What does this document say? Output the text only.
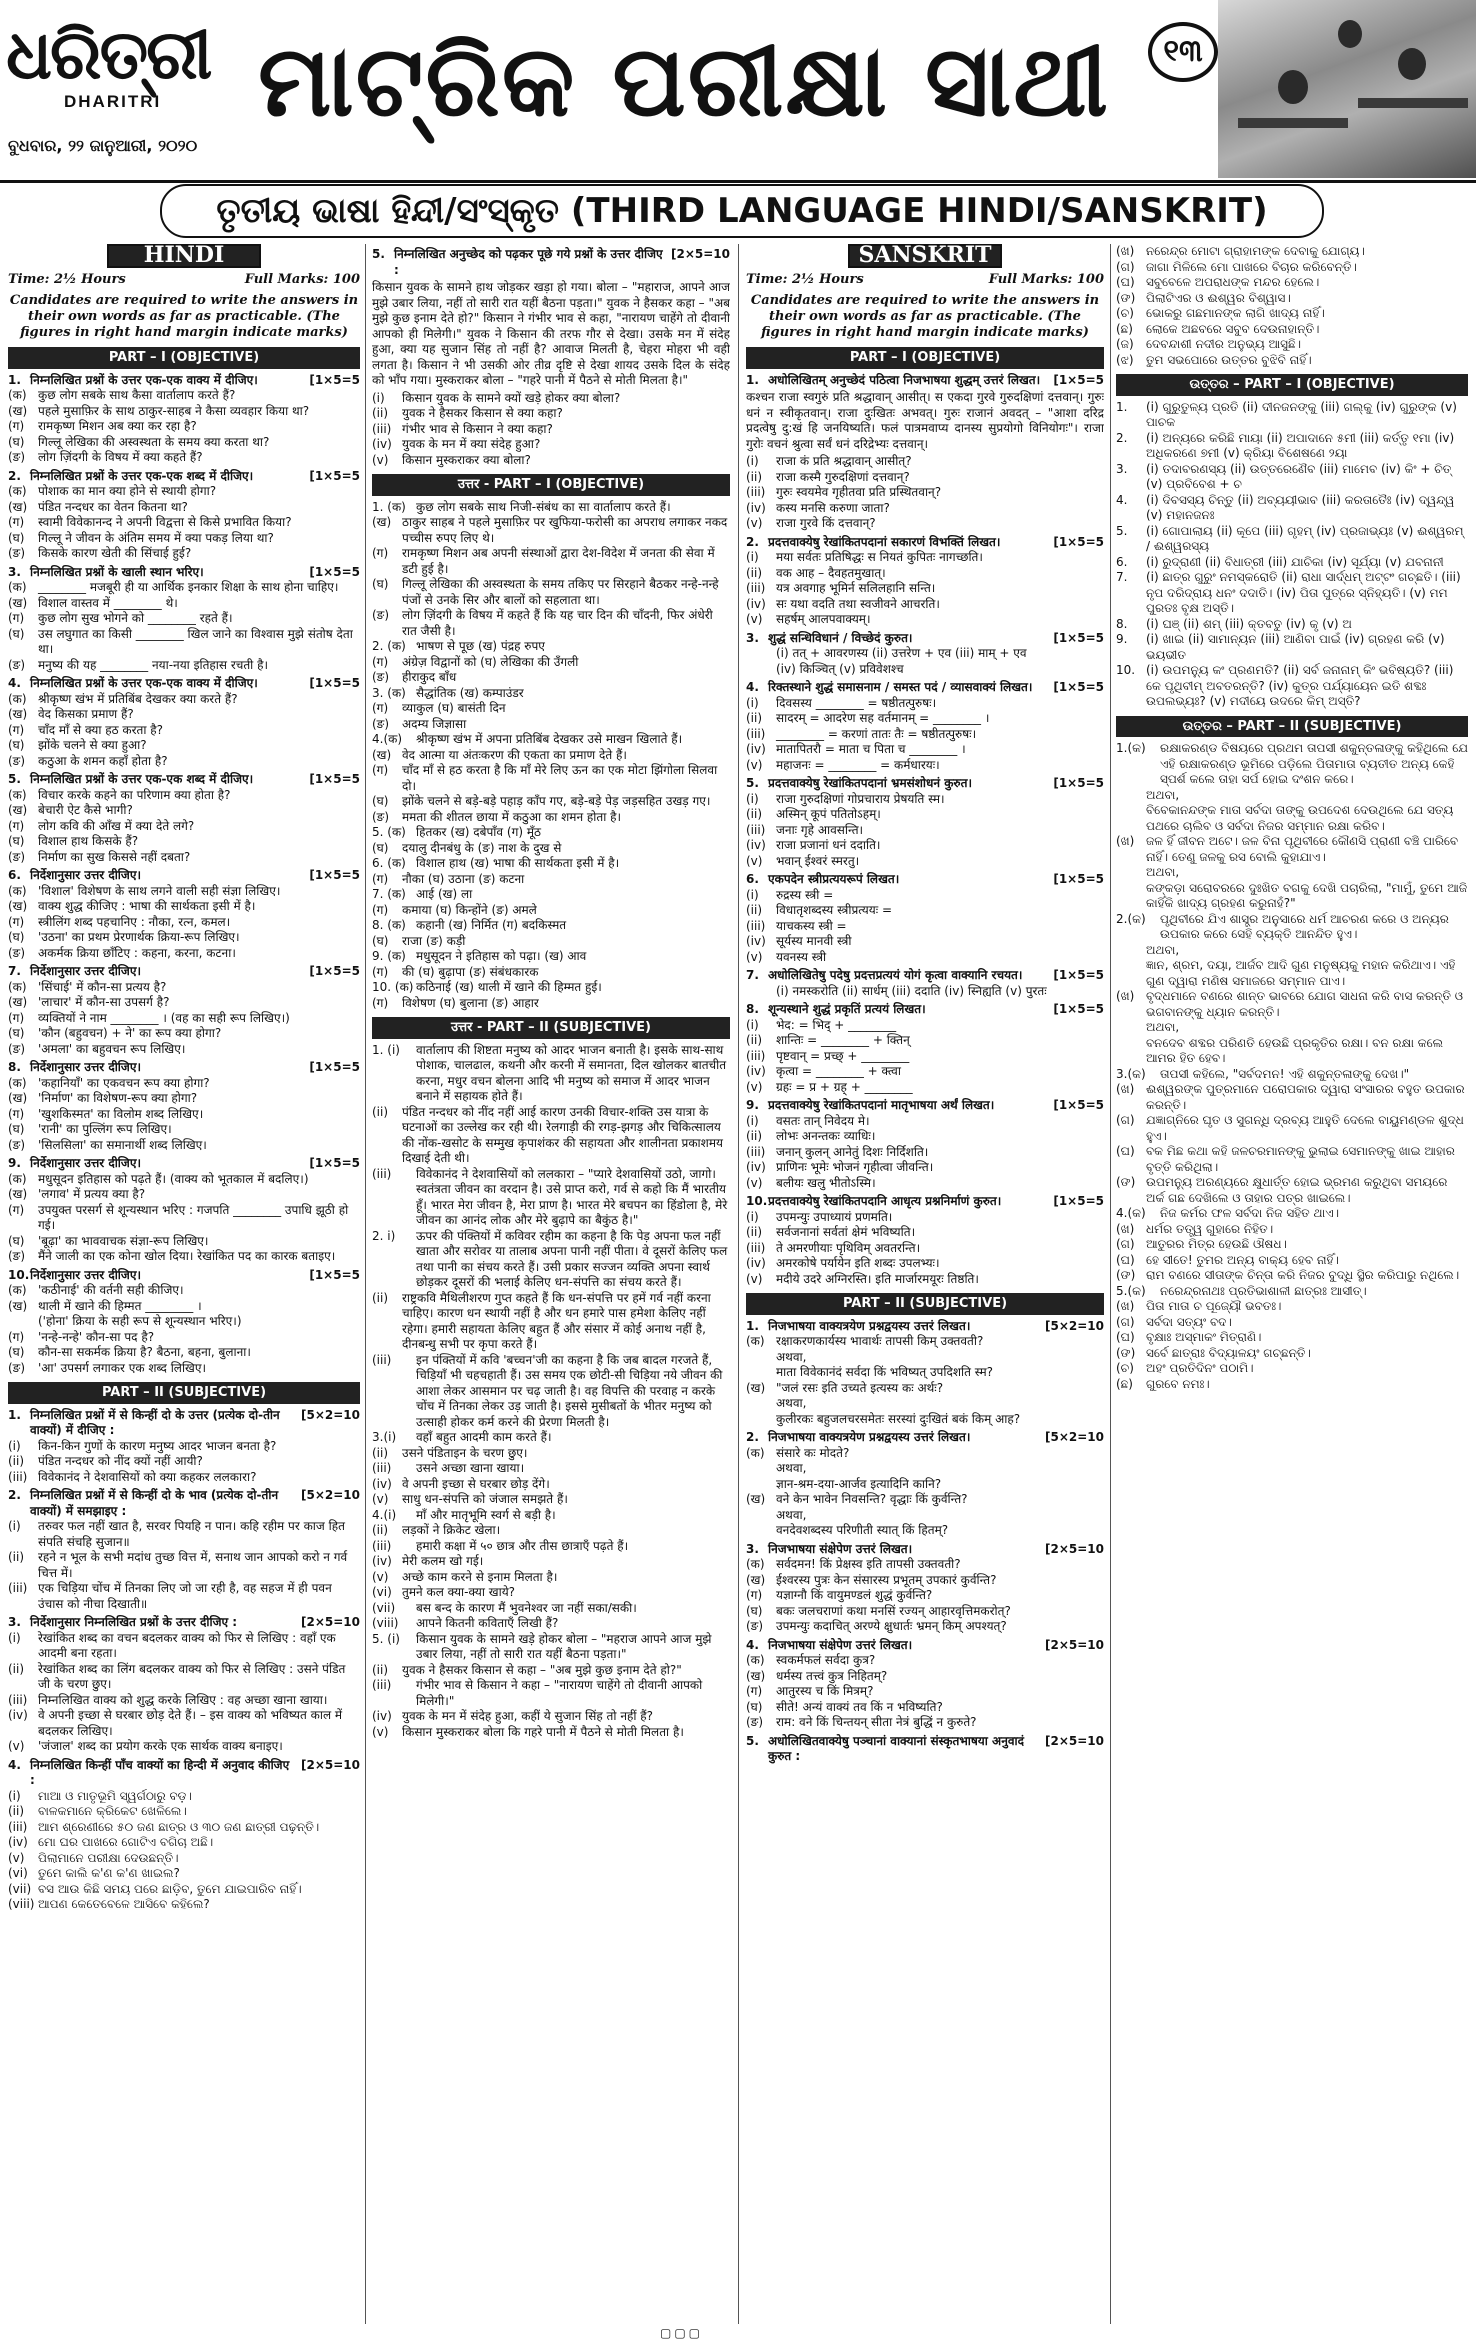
ଧରିତ୍ରୀ
DHARITRI
ବୁଧବାର, ୨୨ ଜାନୁଆରୀ, ୨୦୨୦
ମାଟ୍ରିକ ପରୀକ୍ଷା ସାଥୀ	୧୩
ତୃତୀୟ ଭାଷା ହିନ୍ଦୀ/ସଂସ୍କୃତ (THIRD LANGUAGE HINDI/SANSKRIT)
HINDI
Time: 2½ Hours	Full Marks: 100
Candidates are required to write the answers in their own words as far as practicable. (The figures in right hand margin indicate marks)
PART – I (OBJECTIVE)
1. निम्नलिखित प्रश्नों के उत्तर एक-एक वाक्य में दीजिए।	[1×5=5
(क) कुछ लोग सबके साथ कैसा वार्तालाप करते हैं?
(ख) पहले मुसाफ़िर के साथ ठाकुर-साहब ने कैसा व्यवहार किया था?
(ग)	रामकृष्ण मिशन अब क्या कर रहा है?
(घ)	गिल्लू लेखिका की अस्वस्थता के समय क्या करता था?
(ङ)	लोग ज़िंदगी के विषय में क्या कहते हैं?
2. निम्नलिखित प्रश्नों के उत्तर एक-एक शब्द में दीजिए।	[1×5=5
(क) पोशाक का मान क्या होने से स्थायी होगा?
(ख) पंडित नन्दधर का वेतन कितना था?
(ग)	स्वामी विवेकानन्द ने अपनी विद्वत्ता से किसे प्रभावित किया?
(घ)	गिल्लू ने जीवन के अंतिम समय में क्या पकड़ लिया था?
(ङ)	किसके कारण खेती की सिंचाई हुई?
3. निम्नलिखित प्रश्नों के खाली स्थान भरिए।	[1×5=5
(क) ________ मजबूरी ही या आर्थिक इनकार शिक्षा के साथ होना चाहिए।
(ख) विशाल वास्तव में ________ थे।
(ग)	कुछ लोग सुख भोगने को ________ रहते हैं।
(घ)	उस लघुगात का किसी ________ खिल जाने का विश्वास मुझे संतोष देता था।
(ङ)	मनुष्य की यह ________ नया-नया इतिहास रचती है।
4. निम्नलिखित प्रश्नों के उत्तर एक-एक वाक्य में दीजिए।	[1×5=5
(क) श्रीकृष्ण खंभ में प्रतिबिंब देखकर क्या करते हैं?
(ख) वेद किसका प्रमाण हैं?
(ग)	चाँद माँ से क्या हठ करता है?
(घ)	झोंके चलने से क्या हुआ?
(ङ)	कठुआ के शमन कहाँ होता है?
5. निम्नलिखित प्रश्नों के उत्तर एक-एक शब्द में दीजिए।	[1×5=5
(क) विचार करके कहने का परिणाम क्या होता है?
(ख) बेचारी ऐट कैसे भागी?
(ग)	लोग कवि की आँख में क्या देते लगे?
(घ)	विशाल हाथ किसके हैं?
(ङ)	निर्माण का सुख किससे नहीं दबता?
6. निर्देशानुसार उत्तर दीजिए।	[1×5=5
(क) 'विशाल' विशेषण के साथ लगने वाली सही संज्ञा लिखिए।
(ख) वाक्य शुद्ध कीजिए : भाषा की सार्थकता इसी में है।
(ग)	स्त्रीलिंग शब्द पहचानिए : नौका, रत्न, कमल।
(घ)	'उठना' का प्रथम प्रेरणार्थक क्रिया-रूप लिखिए।
(ङ)	अकर्मक क्रिया छाँटिए : कहना, करना, कटना।
7. निर्देशानुसार उत्तर दीजिए।	[1×5=5
(क) 'सिंचाई' में कौन-सा प्रत्यय है?
(ख) 'लाचार' में कौन-सा उपसर्ग है?
(ग)	व्यक्तियों ने नाम ________ । (वह का सही रूप लिखिए।)
(घ)	'कौन (बहुवचन) + ने' का रूप क्या होगा?
(ङ)	'अमला' का बहुवचन रूप लिखिए।
8. निर्देशानुसार उत्तर दीजिए।	[1×5=5
(क) 'कहानियाँ' का एकवचन रूप क्या होगा?
(ख) 'निर्माण' का विशेषण-रूप क्या होगा?
(ग)	'खुशकिस्मत' का विलोम शब्द लिखिए।
(घ)	'रानी' का पुल्लिंग रूप लिखिए।
(ङ)	'सिलसिला' का समानार्थी शब्द लिखिए।
9. निर्देशानुसार उत्तर दीजिए।	[1×5=5
(क) मधुसूदन इतिहास को पढ़ते हैं। (वाक्य को भूतकाल में बदलिए।)
(ख) 'लगाव' में प्रत्यय क्या है?
(ग)	उपयुक्त परसर्ग से शून्यस्थान भरिए : गजपति ________ उपाधि झूठी हो गई।
(घ)	'बूढ़ा' का भाववाचक संज्ञा-रूप लिखिए।
(ङ)	मैंने जाली का एक कोना खोल दिया। रेखांकित पद का कारक बताइए।
10. निर्देशानुसार उत्तर दीजिए।	[1×5=5
(क) 'कठीनाई' की वर्तनी सही कीजिए।
(ख) थाली में खाने की हिम्मत ________ ।
('होना' क्रिया के सही रूप से शून्यस्थान भरिए।)
(ग)	'नन्हे-नन्हे' कौन-सा पद है?
(घ)	कौन-सा सकर्मक क्रिया है? बैठना, बहना, बुलाना।
(ङ)	'आ' उपसर्ग लगाकर एक शब्द लिखिए।
PART – II (SUBJECTIVE)
1. निम्नलिखित प्रश्नों में से किन्हीं दो के उत्तर (प्रत्येक दो-तीन वाक्यों) में दीजिए :
[5×2=10
(i)	किन-किन गुणों के कारण मनुष्य आदर भाजन बनता है?
(ii)	पंडित नन्दधर को नींद क्यों नहीं आयी?
(iii) विवेकानंद ने देशवासियों को क्या कहकर ललकारा?
2. निम्नलिखित प्रश्नों में से किन्हीं दो के भाव (प्रत्येक दो-तीन वाक्यों) में समझाइए :
[5×2=10
(i)	तरुवर फल नहीं खात है, सरवर पियहि न पान। कहि रहीम पर काज हित संपति संचहि सुजान॥
(ii)	रहने न भूल के सभी मदांध तुच्छ वित्त में, सनाथ जान आपको करो न गर्व चित्त में।
(iii) एक चिड़िया चोंच में तिनका लिए जो जा रही है, वह सहज में ही पवन उंचास को नीचा दिखाती॥
3. निर्देशानुसार निम्नलिखित प्रश्नों के उत्तर दीजिए :	[2×5=10
(i)	रेखांकित शब्द का वचन बदलकर वाक्य को फिर से लिखिए : वहाँ एक आदमी बना रहता।
(ii)	रेखांकित शब्द का लिंग बदलकर वाक्य को फिर से लिखिए : उसने पंडित जी के चरण छुए।
(iii) निम्नलिखित वाक्य को शुद्ध करके लिखिए : वह अच्छा खाना खाया।
(iv) वे अपनी इच्छा से घरबार छोड़ देते हैं। – इस वाक्य को भविष्यत काल में बदलकर लिखिए।
(v)	'जंजाल' शब्द का प्रयोग करके एक सार्थक वाक्य बनाइए।
4. निम्नलिखित किन्हीं पाँच वाक्यों का हिन्दी में अनुवाद कीजिए :
[2×5=10
(i)	ମାଆ ଓ ମାତୃଭୂମି ସ୍ୱର୍ଗଠାରୁ ବଡ଼।
(ii)	ବାଳକମାନେ କ୍ରିକେଟ ଖେଳିଲେ।
(iii) ଆମ ଶ୍ରେଣୀରେ ୫୦ ଜଣ ଛାତ୍ର ଓ ୩୦ ଜଣ ଛାତ୍ରୀ ପଢ଼ନ୍ତି।
(iv) ମୋ ଘର ପାଖରେ ଗୋଟିଏ ବଗିଚା ଅଛି।
(v)	ପିଲାମାନେ ପରୀକ୍ଷା ଦେଉଛନ୍ତି।
(vi) ତୁମେ କାଲି କ'ଣ କ'ଣ ଖାଇଲ?
(vii) ବସ ଆଉ କିଛି ସମୟ ପରେ ଛାଡ଼ିବ, ତୁମେ ଯାଇପାରିବ ନାହିଁ।
(viii) ଆପଣ କେତେବେଳେ ଆସିବେ କହିଲେ?
5. निम्नलिखित अनुच्छेद को पढ़कर पूछे गये प्रश्नों के उत्तर दीजिए :
[2×5=10
किसान युवक के सामने हाथ जोड़कर खड़ा हो गया। बोला – "महाराज, आपने आज मुझे उबार लिया, नहीं तो सारी रात यहीं बैठना पड़ता।" युवक ने हैसकर कहा – "अब मुझे कुछ इनाम देते हो?" किसान ने गंभीर भाव से कहा, "नारायण चाहेंगे तो दीवानी आपको ही मिलेगी।" युवक ने किसान की तरफ गौर से देखा। उसके मन में संदेह हुआ, क्या यह सुजान सिंह तो नहीं है? आवाज मिलती है, चेहरा मोहरा भी वही लगता है। किसान ने भी उसकी ओर तीव्र दृष्टि से देखा शायद उसके दिल के संदेह को भाँप गया। मुस्कराकर बोला – "गहरे पानी में पैठने से मोती मिलता है।"
(i)	किसान युवक के सामने क्यों खड़े होकर क्या बोला?
(ii)	युवक ने हैसकर किसान से क्या कहा?
(iii) गंभीर भाव से किसान ने क्या कहा?
(iv) युवक के मन में क्या संदेह हुआ?
(v)	किसान मुस्कराकर क्या बोला?
उत्तर - PART – I (OBJECTIVE)
1. (क) कुछ लोग सबके साथ निजी-संबंध का सा वार्तालाप करते हैं।
(ख) ठाकुर साहब ने पहले मुसाफ़िर पर खुफिया-फरोसी का अपराध लगाकर नकद पच्चीस रुपए लिए थे।
(ग)	रामकृष्ण मिशन अब अपनी संस्थाओं द्वारा देश-विदेश में जनता की सेवा में डटी हुई है।
(घ)	गिल्लू लेखिका की अस्वस्थता के समय तकिए पर सिरहाने बैठकर नन्हे-नन्हे पंजों से उनके सिर और बालों को सहलाता था।
(ङ)	लोग ज़िंदगी के विषय में कहते हैं कि यह चार दिन की चाँदनी, फिर अंधेरी रात जैसी है।
2. (क) भाषण से पूछ (ख) पंद्रह रुपए
(ग)	अंग्रेज़ विद्वानों को (घ) लेखिका की उँगली
(ङ)	हीराकुद बाँध
3. (क) सैद्धांतिक (ख) कम्पाउंडर
(ग)	व्याकुल (घ) बासंती दिन
(ङ)	अदम्य जिज्ञासा
4.(क)	श्रीकृष्ण खंभ में अपना प्रतिबिंब देखकर उसे माखन खिलाते हैं।
(ख) वेद आत्मा या अंतःकरण की एकता का प्रमाण देते हैं।
(ग)	चाँद माँ से हठ करता है कि माँ मेरे लिए ऊन का एक मोटा झिंगोला सिलवा दो।
(घ)	झोंके चलने से बड़े-बड़े पहाड़ काँप गए, बड़े-बड़े पेड़ जड़सहित उखड़ गए।
(ङ)	ममता की शीतल छाया में कठुआ का शमन होता है।
5. (क) हितकर (ख) दबेपाँव (ग) मूँठ
(घ)	दयालु दीनबंधु के (ङ) नाश के दुख से
6. (क) विशाल हाथ (ख) भाषा की सार्थकता इसी में है।
(ग)	नौका (घ) उठाना (ङ) कटना
7. (क) आई (ख) ला
(ग)	कमाया (घ) किन्होंने (ङ) अमले
8. (क) कहानी (ख) निर्मित (ग) बदकिस्मत
(घ)	राजा (ङ) कड़ी
9. (क) मधुसूदन ने इतिहास को पढ़ा। (ख) आव
(ग)	की (घ) बुढ़ापा (ङ) संबंधकारक
10. (क) कठिनाई (ख) थाली में खाने की हिम्मत हुई।
(ग)	विशेषण (घ) बुलाना (ङ) आहार
उत्तर - PART – II (SUBJECTIVE)
1. (i)	वार्तालाप की शिष्टता मनुष्य को आदर भाजन बनाती है। इसके साथ-साथ पोशाक, चालढाल, कथनी और करनी में समानता, दिल खोलकर बातचीत करना, मधुर वचन बोलना आदि भी मनुष्य को समाज में आदर भाजन बनाने में सहायक होते हैं।
(ii)	पंडित नन्दधर को नींद नहीं आई कारण उनकी विचार-शक्ति उस यात्रा के घटनाओं का उल्लेख कर रही थी। रेलगाड़ी की रगड़-झगड़ और चिकित्सालय की नोंक-खसोट के सम्मुख कृपाशंकर की सहायता और शालीनता प्रकाशमय दिखाई देती थी।
(iii)	विवेकानंद ने देशवासियों को ललकारा – "प्यारे देशवासियों उठो, जागो। स्वतंत्रता जीवन का वरदान है। उसे प्राप्त करो, गर्व से कहो कि मैं भारतीय हूँ। भारत मेरा जीवन है, मेरा प्राण है। भारत मेरे बचपन का हिंडोला है, मेरे जीवन का आनंद लोक और मेरे बुढ़ापे का बैकुंठ है।"
2. i)	ऊपर की पंक्तियों में कविवर रहीम का कहना है कि पेड़ अपना फल नहीं खाता और सरोवर या तालाब अपना पानी नहीं पीता। वे दूसरों केलिए फल तथा पानी का संचय करते हैं। उसी प्रकार सज्जन व्यक्ति अपना स्वार्थ छोड़कर दूसरों की भलाई केलिए धन-संपत्ति का संचय करते हैं।
(ii)	राष्ट्रकवि मैथिलीशरण गुप्त कहते हैं कि धन-संपत्ति पर हमें गर्व नहीं करना चाहिए। कारण धन स्थायी नहीं है और धन हमारे पास हमेशा केलिए नहीं रहेगा। हमारी सहायता केलिए बहुत हैं और संसार में कोई अनाथ नहीं है, दीनबन्धु सभी पर कृपा करते हैं।
(iii)	इन पंक्तियों में कवि 'बच्चन'जी का कहना है कि जब बादल गरजते हैं, चिड़ियाँ भी चहचहाती हैं। उस समय एक छोटी-सी चिड़िया नये जीवन की आशा लेकर आसमान पर चढ़ जाती है। वह विपत्ति की परवाह न करके चोंच में तिनका लेकर उड़ जाती है। इससे मुसीबतों के भीतर मनुष्य को उत्साही होकर कर्म करने की प्रेरणा मिलती है।
3.(i)	वहाँ बहुत आदमी काम करते हैं।
(ii)	उसने पंडिताइन के चरण छुए।
(iii)	उसने अच्छा खाना खाया।
(iv) वे अपनी इच्छा से घरबार छोड़ देंगे।
(v)	साधु धन-संपत्ति को जंजाल समझते हैं।
4.(i)	माँ और मातृभूमि स्वर्ग से बड़ी है।
(ii)	लड़कों ने क्रिकेट खेला।
(iii)	हमारी कक्षा में ५० छात्र और तीस छात्राएँ पढ़ते हैं।
(iv) मेरी कलम खो गई।
(v)	अच्छे काम करने से इनाम मिलता है।
(vi) तुमने कल क्या-क्या खाये?
(vii)	बस बन्द के कारण मैं भुवनेश्वर जा नहीं सका/सकी।
(viii)	आपने कितनी कविताएँ लिखी हैं?
5. (i)	किसान युवक के सामने खड़े होकर बोला – "महराज आपने आज मुझे उबार लिया, नहीं तो सारी रात यहीं बैठना पड़ता।"
(ii)	युवक ने हैसकर किसान से कहा – "अब मुझे कुछ इनाम देते हो?"
(iii)	गंभीर भाव से किसान ने कहा – "नारायण चाहेंगे तो दीवानी आपको मिलेगी।"
(iv) युवक के मन में संदेह हुआ, कहीं ये सुजान सिंह तो नहीं हैं?
(v)	किसान मुस्कराकर बोला कि गहरे पानी में पैठने से मोती मिलता है।
SANSKRIT
Time: 2½ Hours	Full Marks: 100
Candidates are required to write the answers in their own words as far as practicable. (The figures in right hand margin indicate marks)
PART – I (OBJECTIVE)
1. अधोलिखितम् अनुच्छेदं पठित्वा निजभाषया शुद्धम् उत्तरं लिखत।	[1×5=5
कश्चन राजा स्वगुरुं प्रति श्रद्धावान् आसीत्। स एकदा गुरवे गुरुदक्षिणां दत्तवान्। गुरुः धनं न स्वीकृतवान्। राजा दुःखितः अभवत्। गुरुः राजानं अवदत् – "आशा दरिद्र प्रदत्वेषु दु:खं हि जनयिष्यति। फलं पात्रमवाप्य दानस्य सुप्रयोगो विनियोगः"। राजा गुरोः वचनं श्रुत्वा सर्वं धनं दरिद्रेभ्यः दत्तवान्।
(i)	राजा कं प्रति श्रद्धावान् आसीत्?
(ii)	राजा कस्मै गुरुदक्षिणां दत्तवान्?
(iii) गुरुः स्वयमेव गृहीतवा प्रति प्रस्थितवान्?
(iv) कस्य मनसि करुणा जाता?
(v)	राजा गुरवे किं दत्तवान्?
2. प्रदत्तवाक्येषु रेखांकितपदानां सकारणं विभक्तिं लिखत।	[1×5=5
(i)	मया सर्वतः प्रतिषिद्धः स नियतं कुपितः नागच्छति।
(ii)	वक आह – दैवहतमुखात्।
(iii) यत्र अवगाह भूमिर्न सलिलहानि सन्ति।
(iv) सः यथा वदति तथा स्वजीवने आचरति।
(v)	सहर्षम् आलपवाक्यम्।
3. शुद्धं सन्धिविधानं / विच्छेदं कुरुत।	[1×5=5
(i) तत् + आवरणस्य (ii) उत्तरेण + एव (iii) माम् + एव
(iv) किञ्चित् (v) प्रविवेशश्च
4. रिक्तस्थाने शुद्धं समासनाम / समस्त पदं / व्यासवाक्यं लिखत।	[1×5=5
(i)	दिवसस्य ________ = षष्ठीतत्पुरुषः।
(ii)	सादरम् = आदरेण सह वर्तमानम् = ________ ।
(iii) ________ = करणां तातः तैः = षष्ठीतत्पुरुषः।
(iv) मातापितरौ = माता च पिता च ________ ।
(v)	महाजनः = ________ = कर्मधारयः।
5. प्रदत्तवाक्येषु रेखांकितपदानां भ्रमसंशोधनं कुरुत।	[1×5=5
(i)	राजा गुरुदक्षिणां गोप्रचाराय प्रेषयति स्म।
(ii)	अस्मिन् कूपं पतितोऽहम्।
(iii) जनाः गृहे आवसन्ति।
(iv) राजा प्रजानां धनं ददाति।
(v)	भवान् ईश्वरं स्मरतु।
6. एकपदेन स्त्रीप्रत्ययरूपं लिखत।	[1×5=5
(i)	रुद्रस्य स्त्री =
(ii)	विधातृशब्दस्य स्त्रीप्रत्ययः =
(iii) याचकस्य स्त्री =
(iv) सूर्यस्य मानवी स्त्री
(v)	यवनस्य स्त्री
7. अधोलिखितेषु पदेषु प्रदत्तप्रत्ययं योगं कृत्वा वाक्यानि रचयत।	[1×5=5
(i) नमस्करोति (ii) सार्धम् (iii) ददाति (iv) स्निह्यति (v) पुरतः
8. शून्यस्थाने शुद्धं प्रकृतिं प्रत्ययं लिखत।	[1×5=5
(i)	भेद: = भिद् + ________
(ii)	शान्तिः = ________ + क्तिन्
(iii) पृष्टवान् = प्रच्छ् + ________
(iv) कृत्वा = ________ + क्त्वा
(v)	ग्रहः = प्र + ग्रह् + ________
9. प्रदत्तवाक्येषु रेखांकितपदानां मातृभाषया अर्थं लिखत।	[1×5=5
(i)	वसतः तान् निवेदय मे।
(ii)	लोभः अनन्तकः व्याधिः।
(iii) जनान् कुलन् आनेतुं दिशः निर्दिशति।
(iv) प्राणिनः भूमेः भोजनं गृहीत्वा जीवन्ति।
(v)	बलीयः खलु भीतोऽस्मि।
10. प्रदत्तवाक्येषु रेखांकितपदानि आधृत्य प्रश्ननिर्माणं कुरुत।	[1×5=5
(i)	उपमन्युः उपाध्यायं प्रणमति।
(ii)	सर्वजनानां सर्वतां क्षेमं भविष्यति।
(iii) ते अमरणीयाः पृथिविम् अवतरन्ति।
(iv) अमरकोषे पर्यायेन इति शब्दः उपलभ्यः।
(v)	मदीये उदरे अग्निरस्ति। इति मार्जारमयूरः तिष्ठति।
PART – II (SUBJECTIVE)
1. निजभाषया वाक्यत्रयेण प्रश्नद्वयस्य उत्तरं लिखत।	[5×2=10
(क) रक्षाकरणकार्यस्य भावार्थः तापसी किम् उक्तवती?
अथवा,
माता विवेकानंदं सर्वदा किं भविष्यत् उपदिशति स्म?
(ख) "जलं रसः इति उच्यते इत्यस्य कः अर्थः?
अथवा,
कुलीरकः बहुजलचरसमेतः सरस्यां दुःखितं बकं किम् आह?
2. निजभाषया वाक्यत्रयेण प्रश्नद्वयस्य उत्तरं लिखत।	[5×2=10
(क) संसारे कः मोदते?
अथवा,
ज्ञान-श्रम-दया-आर्जव इत्यादिनि कानि?
(ख) वने केन भावेन निवसन्ति? वृद्धाः किं कुर्वन्ति?
अथवा,
वनदेवशब्दस्य परिणीती स्यात् किं हितम्?
3. निजभाषया संक्षेपेण उत्तरं लिखत।	[2×5=10
(क) सर्वदमन! किं प्रेक्षस्व इति तापसी उक्तवती?
(ख) ईश्वरस्य पुत्रः केन संसारस्य प्रभूतम् उपकारं कुर्वन्ति?
(ग)	यज्ञाग्नौ किं वायुमण्डलं शुद्धं कुर्वन्ति?
(घ)	बकः जलचराणां कथा मनसिं रज्यन् आहारवृत्तिमकरोत्?
(ङ)	उपमन्युः कदाचित् अरण्ये क्षुधार्तः भ्रमन् किम् अपश्यत्?
4. निजभाषया संक्षेपेण उत्तरं लिखत।	[2×5=10
(क) स्वकर्मफलं सर्वदा कुत्र?
(ख) धर्मस्य तत्त्वं कुत्र निहितम्?
(ग)	आतुरस्य च किं मित्रम्?
(घ)	सीते! अन्यं वाक्यं तव किं न भविष्यति?
(ङ)	राम: वने किं चिन्तयन् सीता नेत्रं बुद्धिं न कुरुते?
5. अधोलिखितवाक्येषु पञ्चानां वाक्यानां संस्कृतभाषया अनुवादं कुरुत :
[2×5=10
(ଖ) ନରେନ୍ଦ୍ର ମୋଟା ଗ୍ରାହାମଙ୍କ ଦେବାକୁ ଯୋଗ୍ୟ।
(ଗ) ଜାଗା ମିଳିଲେ ମୋ ପାଖରେ ବିଚାର କରିବେନ୍ତି।
(ଘ) ସବୁବେଳେ ଅପରାଧଙ୍କ ମନ୍ଦର ହେଲେ।
(ଙ) ପିଲାଟିଏର ଓ ଈଶ୍ୱର ବିଶ୍ୱାସ।
(ଚ)	ଭୋକରୁ ଗଛମାନଙ୍କ ଲାଗି ଖାଦ୍ୟ ନାହିଁ।
(ଛ)	ଲୋକେ ଅଛବରେ ସବୁବ ଦେଉନାହାନ୍ତି।
(ଜ)	ଦେବନ୍ଦାଶୀ ନଦୀର ଅନୁଭ୍ୟ ଆସୁଛି।
(ଝ)	ତୁମ ସଭପୋରେ ଉତ୍ତର ବୁଝିବି ନାହିଁ।
ଉତ୍ତର – PART – I (OBJECTIVE)
1.	(i) ଗୁରୁତୁଳ୍ୟ ପ୍ରତି (ii) ଦୀନଜନଙ୍କୁ (iii) ଗଲ୍କୁ (iv) ଗୁରୁଙ୍କ (v) ପାଚକ
2.	(i) ଅନ୍ୟରେ କରିଛି ମାୟା (ii) ଅପାଦାନେ ୫ମୀ (iii) କର୍ତ୍ତୃ ୧ମା (iv) ଅଧିକରଣେ ୭ମୀ (v) କ୍ରିୟା ବିଶେଷଣେ ୨ୟା
3.	(i) ତଦାବରଣସ୍ୟ (ii) ଉତ୍ତରେଣୈବ (iii) ମାମେବ (iv) କିଂ + ଚିତ୍ (v) ପ୍ରବିବେଶ + ଚ
4.	(i) ଦିବସସ୍ୟ ଚିନ୍ତୁ (ii) ଅବ୍ୟୟୀଭାବ (iii) କରତାତୈଃ (iv) ଦ୍ୱନ୍ଦ୍ୱ (v) ମହାନଜନଃ
5.	(i) ଗୋପାଲାୟ (ii) କୂପେ (iii) ଗୃହମ୍ (iv) ପ୍ରଜାଭ୍ୟଃ (v) ଈଶ୍ୱରମ୍ / ଈଶ୍ୱରସ୍ୟ
6.	(i) ରୁଦ୍ରାଣୀ (ii) ବିଧାତ୍ରୀ (iii) ଯାଚିକା (iv) ସୂର୍ଯ୍ୟା (v) ଯବନାନୀ
7.	(i) ଛାତ୍ର ଗୁରୁଂ ନମସ୍କରୋତି (ii) ରାଧା ସାର୍ଦ୍ଧମ୍ ଅଟ୍ଟଂ ଗଚ୍ଛତି। (iii) ନୃପ ଦରିଦ୍ରାୟ ଧନଂ ଦଦାତି। (iv) ପିତା ପୁତ୍ରେ ସ୍ନିହ୍ୟତି। (v) ମମ ପୁରତଃ ବୃକ୍ଷ ଅସ୍ତି।
8.	(i) ଘଞ୍ (ii) ଶମ୍ (iii) କ୍ତବତୁ (iv) କୃ (v) ଅ
9.	(i) ଖାଇ (ii) ସାମାନ୍ୟନ (iii) ଆଣିବା ପାଇଁ (iv) ଗ୍ରହଣ କରି (v) ଭୟଭୀତ
10. (i) ଉପମନ୍ୟୁ କଂ ପ୍ରଣମତି? (ii) ସର୍ବ ଜନାନାମ୍ କିଂ ଭବିଷ୍ୟତି? (iii) କେ ପୃଥିବୀମ୍ ଅବତରନ୍ତି? (iv) କୁତ୍ର ପର୍ଯ୍ୟାୟେନ ଇତି ଶବ୍ଦଃ ଉପଲଭ୍ୟଃ? (v) ମଦୀୟେ ଉଦରେ କିମ୍ ଅସ୍ତି?
ଉତ୍ତର – PART – II (SUBJECTIVE)
1.(କ)	ରକ୍ଷାକରଣ୍ଡ ବିଷୟରେ ପ୍ରଥମ ତାପସୀ ଶକୁନ୍ତଳାଙ୍କୁ କହିଥିଲେ ଯେ ଏହି ରକ୍ଷାକରଣ୍ଡ ଭୂମିରେ ପଡ଼ିଲେ ପିତାମାତା ବ୍ୟତୀତ ଅନ୍ୟ କେହି ସ୍ପର୍ଶ କଲେ ତାହା ସର୍ପ ହୋଇ ଦଂଶନ କରେ।
ଅଥବା,
ବିବେକାନନ୍ଦଙ୍କ ମାତା ସର୍ବଦା ତାଙ୍କୁ ଉପଦେଶ ଦେଉଥିଲେ ଯେ ସତ୍ୟ ପଥରେ ଚାଲିବ ଓ ସର୍ବଦା ନିଜର ସମ୍ମାନ ରକ୍ଷା କରିବ।
(ଖ) ଜଳ ହିଁ ଜୀବନ ଅଟେ। ଜଳ ବିନା ପୃଥିବୀରେ କୌଣସି ପ୍ରାଣୀ ବଞ୍ଚି ପାରିବେ ନାହିଁ। ତେଣୁ ଜଳକୁ ରସ ବୋଲି କୁହାଯାଏ।
ଅଥବା,
କଙ୍କଡ଼ା ସରୋବରରେ ଦୁଃଖିତ ବଗକୁ ଦେଖି ପଚାରିଲା, "ମାମୁଁ, ତୁମେ ଆଜି କାହିଁକି ଖାଦ୍ୟ ଗ୍ରହଣ କରୁନାହଁ?"
2.(କ)	ପୃଥିବୀରେ ଯିଏ ଶାସ୍ତ୍ର ଅନୁସାରେ ଧର୍ମ ଆଚରଣ କରେ ଓ ଅନ୍ୟର ଉପକାର କରେ ସେହି ବ୍ୟକ୍ତି ଆନନ୍ଦିତ ହୁଏ।
ଅଥବା,
ଜ୍ଞାନ, ଶ୍ରମ, ଦୟା, ଆର୍ଜବ ଆଦି ଗୁଣ ମନୁଷ୍ୟକୁ ମହାନ କରିଥାଏ। ଏହି ଗୁଣ ଦ୍ୱାରା ମଣିଷ ସମାଜରେ ସମ୍ମାନ ପାଏ।
(ଖ) ବୃଦ୍ଧମାନେ ବଣରେ ଶାନ୍ତ ଭାବରେ ଯୋଗ ସାଧନା କରି ବାସ କରନ୍ତି ଓ ଭଗବାନଙ୍କୁ ଧ୍ୟାନ କରନ୍ତି।
ଅଥବା,
ବନଦେବ ଶବ୍ଦର ପରିଣତି ହେଉଛି ପ୍ରକୃତିର ରକ୍ଷା। ବନ ରକ୍ଷା କଲେ ଆମର ହିତ ହେବ।
3.(କ)	ତାପସୀ କହିଲେ, "ସର୍ବଦମନ! ଏହି ଶକୁନ୍ତଳାଙ୍କୁ ଦେଖ।"
(ଖ) ଈଶ୍ୱରଙ୍କ ପୁତ୍ରମାନେ ପରୋପକାର ଦ୍ୱାରା ସଂସାରର ବହୁତ ଉପକାର କରନ୍ତି।
(ଗ) ଯଜ୍ଞାଗ୍ନିରେ ଘୃତ ଓ ସୁଗନ୍ଧି ଦ୍ରବ୍ୟ ଆହୁତି ଦେଲେ ବାୟୁମଣ୍ଡଳ ଶୁଦ୍ଧ ହୁଏ।
(ଘ) ବକ ମିଛ କଥା କହି ଜଳଚରମାନଙ୍କୁ ଭୁଲାଇ ସେମାନଙ୍କୁ ଖାଇ ଆହାର ବୃତ୍ତି କରିଥିଲା।
(ଙ) ଉପମନ୍ୟୁ ଅରଣ୍ୟରେ କ୍ଷୁଧାର୍ତ୍ତ ହୋଇ ଭ୍ରମଣ କରୁଥିବା ସମୟରେ ଅର୍କ ଗଛ ଦେଖିଲେ ଓ ତାହାର ପତ୍ର ଖାଇଲେ।
4.(କ)	ନିଜ କର୍ମର ଫଳ ସର୍ବଦା ନିଜ ସହିତ ଥାଏ।
(ଖ) ଧର୍ମର ତତ୍ତ୍ୱ ଗୁହାରେ ନିହିତ।
(ଗ) ଆତୁରର ମିତ୍ର ହେଉଛି ଔଷଧ।
(ଘ) ହେ ସୀତେ! ତୁମର ଅନ୍ୟ ବାକ୍ୟ ହେବ ନାହିଁ।
(ଙ) ରାମ ବଣରେ ସୀତାଙ୍କ ଚିନ୍ତା କରି ନିଜର ବୁଦ୍ଧି ସ୍ଥିର କରିପାରୁ ନଥିଲେ।
5.(କ)	ନରେନ୍ଦ୍ରନାଥଃ ପ୍ରତିଭାଶାଳୀ ଛାତ୍ରଃ ଆସୀତ୍।
(ଖ) ପିତା ମାତା ଚ ପୂଜ୍ୟୌ ଭବତଃ।
(ଗ) ସର୍ବଦା ସତ୍ୟଂ ବଦ।
(ଘ) ବୃକ୍ଷାଃ ଅସ୍ମାକଂ ମିତ୍ରାଣି।
(ଙ) ସର୍ବେ ଛାତ୍ରାଃ ବିଦ୍ୟାଳୟଂ ଗଚ୍ଛନ୍ତି।
(ଚ)	ଅହଂ ପ୍ରତିଦିନଂ ପଠାମି।
(ଛ)	ଗୁରବେ ନମଃ।
▢▢▢
